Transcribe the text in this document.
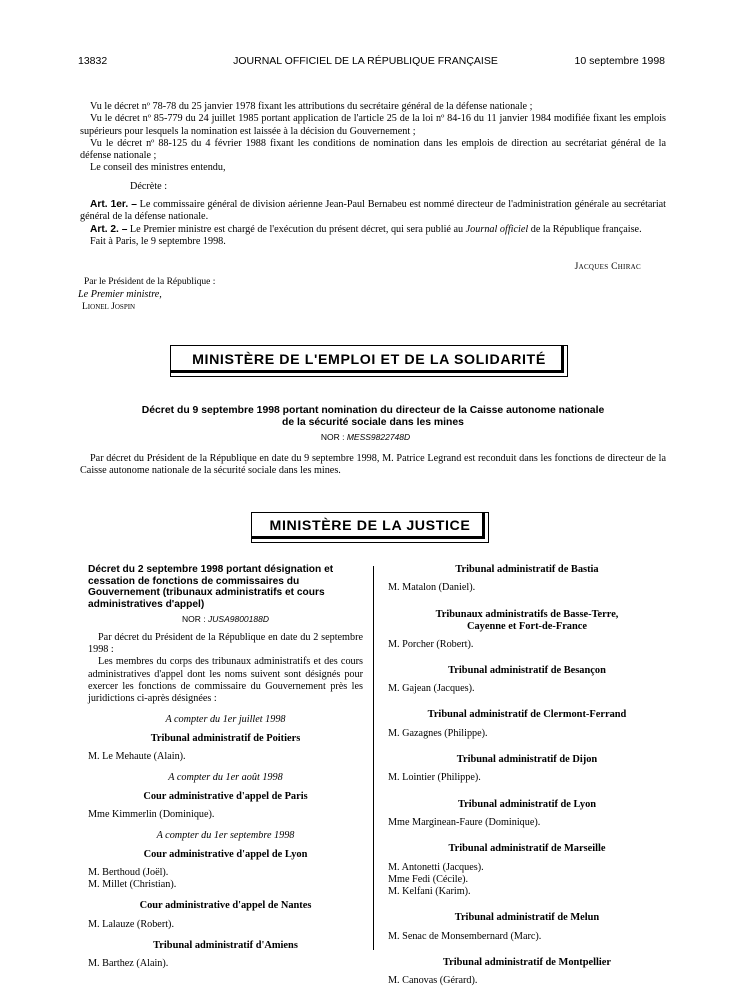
13832	JOURNAL OFFICIEL DE LA RÉPUBLIQUE FRANÇAISE	10 septembre 1998

Vu le décret nº 78-78 du 25 janvier 1978 fixant les attributions du secrétaire général de la défense nationale ;

Vu le décret nº 85-779 du 24 juillet 1985 portant application de l'article 25 de la loi nº 84-16 du 11 janvier 1984 modifiée fixant les emplois supérieurs pour lesquels la nomination est laissée à la décision du Gouvernement ;

Vu le décret nº 88-125 du 4 février 1988 fixant les conditions de nomination dans les emplois de direction au secrétariat général de la défense nationale ;

Le conseil des ministres entendu,

Décrète :

Art. 1er. – Le commissaire général de division aérienne Jean-Paul Bernabeu est nommé directeur de l'administration générale au secrétariat général de la défense nationale.

Art. 2. – Le Premier ministre est chargé de l'exécution du présent décret, qui sera publié au Journal officiel de la République française.

Fait à Paris, le 9 septembre 1998.

Jacques Chirac
Par le Président de la République :
Le Premier ministre,
Lionel Jospin
MINISTÈRE DE L'EMPLOI ET DE LA SOLIDARITÉ
Décret du 9 septembre 1998 portant nomination du directeur de la Caisse autonome nationale
de la sécurité sociale dans les mines
NOR : MESS9822748D

Par décret du Président de la République en date du 9 septembre 1998, M. Patrice Legrand est reconduit dans les fonctions de directeur de la Caisse autonome nationale de la sécurité sociale dans les mines.

MINISTÈRE DE LA JUSTICE

Décret du 2 septembre 1998 portant désignation et cessation de fonctions de commissaires du Gouvernement (tribunaux administratifs et cours administratives d'appel)

NOR : JUSA9800188D

Par décret du Président de la République en date du 2 septembre 1998 :

Les membres du corps des tribunaux administratifs et des cours administratives d'appel dont les noms suivent sont désignés pour exercer les fonctions de commissaire du Gouvernement près les juridictions ci-après désignées :

A compter du 1er juillet 1998
Tribunal administratif de Poitiers

M. Le Mehaute (Alain).

A compter du 1er août 1998
Cour administrative d'appel de Paris

Mme Kimmerlin (Dominique).

A compter du 1er septembre 1998
Cour administrative d'appel de Lyon

M. Berthoud (Joël).

M. Millet (Christian).

Cour administrative d'appel de Nantes

M. Lalauze (Robert).

Tribunal administratif d'Amiens

M. Barthez (Alain).

Tribunal administratif de Bastia

M. Matalon (Daniel).

Tribunaux administratifs de Basse-Terre,
Cayenne et Fort-de-France

M. Porcher (Robert).

Tribunal administratif de Besançon

M. Gajean (Jacques).

Tribunal administratif de Clermont-Ferrand

M. Gazagnes (Philippe).

Tribunal administratif de Dijon

M. Lointier (Philippe).

Tribunal administratif de Lyon

Mme Marginean-Faure (Dominique).

Tribunal administratif de Marseille

M. Antonetti (Jacques).

Mme Fedi (Cécile).

M. Kelfani (Karim).

Tribunal administratif de Melun

M. Senac de Monsembernard (Marc).

Tribunal administratif de Montpellier

M. Canovas (Gérard).
